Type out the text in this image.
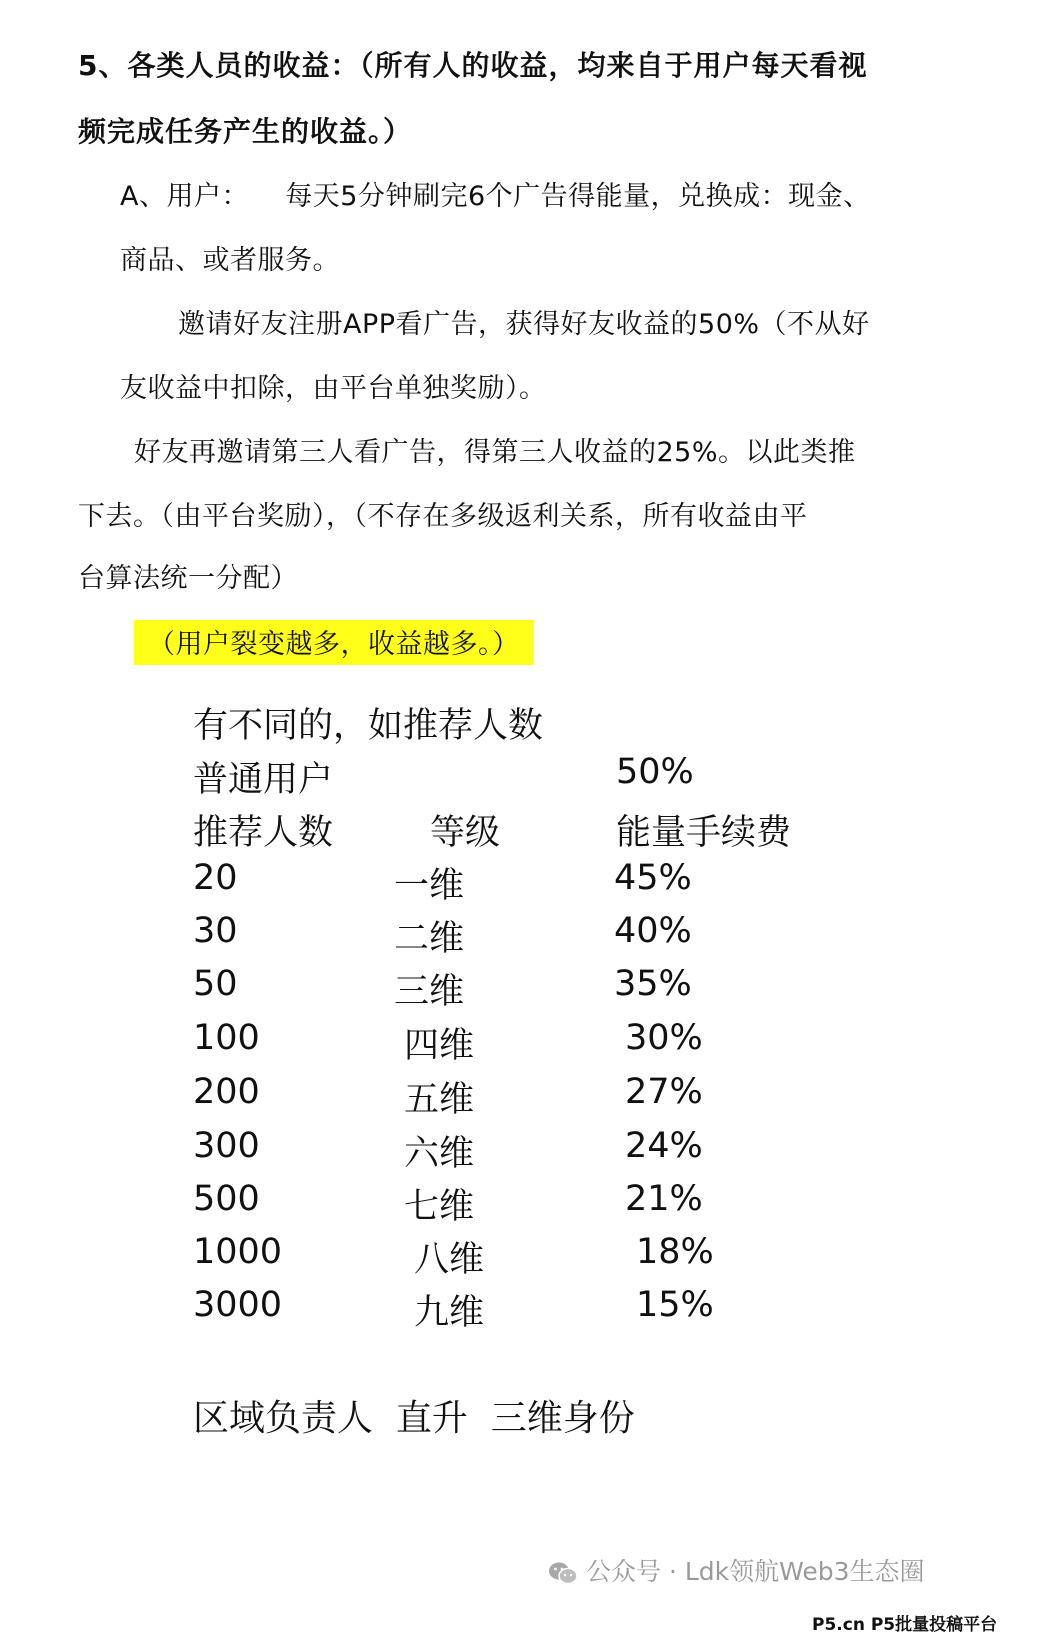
5、各类人员的收益：（所有人的收益，均来自于用户每天看视
频完成任务产生的收益。）
A、用户：    每天5分钟刷完6个广告得能量，兑换成：现金、
商品、或者服务。
邀请好友注册APP看广告，获得好友收益的50%（不从好
友收益中扣除，由平台单独奖励）。
好友再邀请第三人看广告，得第三人收益的25%。以此类推
下去。（由平台奖励），（不存在多级返利关系，所有收益由平
台算法统一分配）
（用户裂变越多，收益越多。）
有不同的，如推荐人数
普通用户	50%
推荐人数	等级	能量手续费
20	一维	45%
30	二维	40%
50	三维	35%
100	四维	30%
200	五维	27%
300	六维	24%
500	七维	21%
1000	八维	18%
3000	九维	15%
区域负责人  直升  三维身份
公众号 · Ldk领航Web3生态圈
P5.cn P5批量投稿平台
